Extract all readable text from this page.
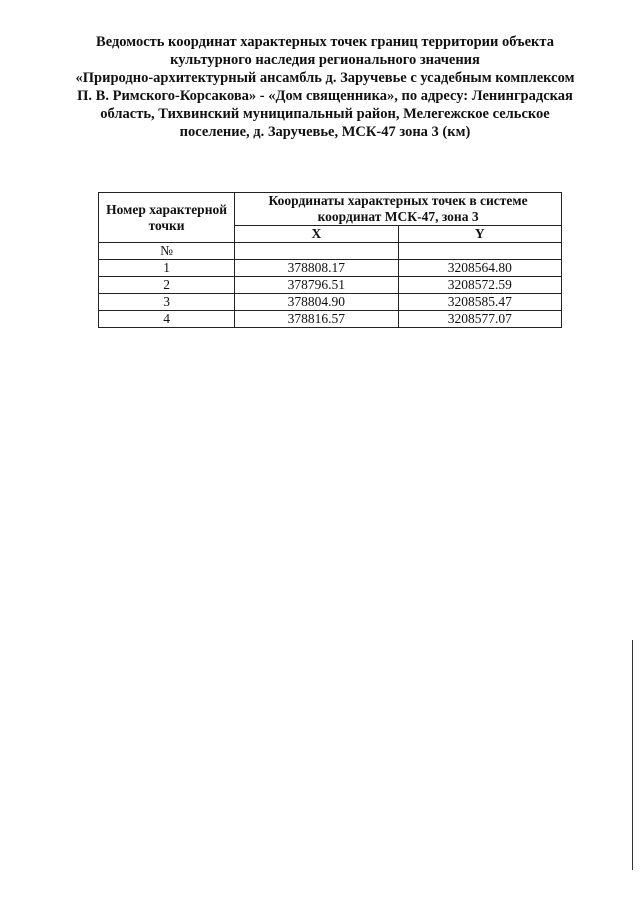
Ведомость координат характерных точек границ территории объекта
культурного наследия регионального значения
«Природно-архитектурный ансамбль д. Заручевье с усадебным комплексом
П. В. Римского-Корсакова» - «Дом священника», по адресу: Ленинградская
область, Тихвинский муниципальный район, Мелегежское сельское
поселение, д. Заручевье, МСК-47 зона 3 (км)
Номер характерной точки	Координаты характерных точек в системе координат МСК-47, зона 3	
	X	Y
№		
1	378808.17	3208564.80
2	378796.51	3208572.59
3	378804.90	3208585.47
4	378816.57	3208577.07
